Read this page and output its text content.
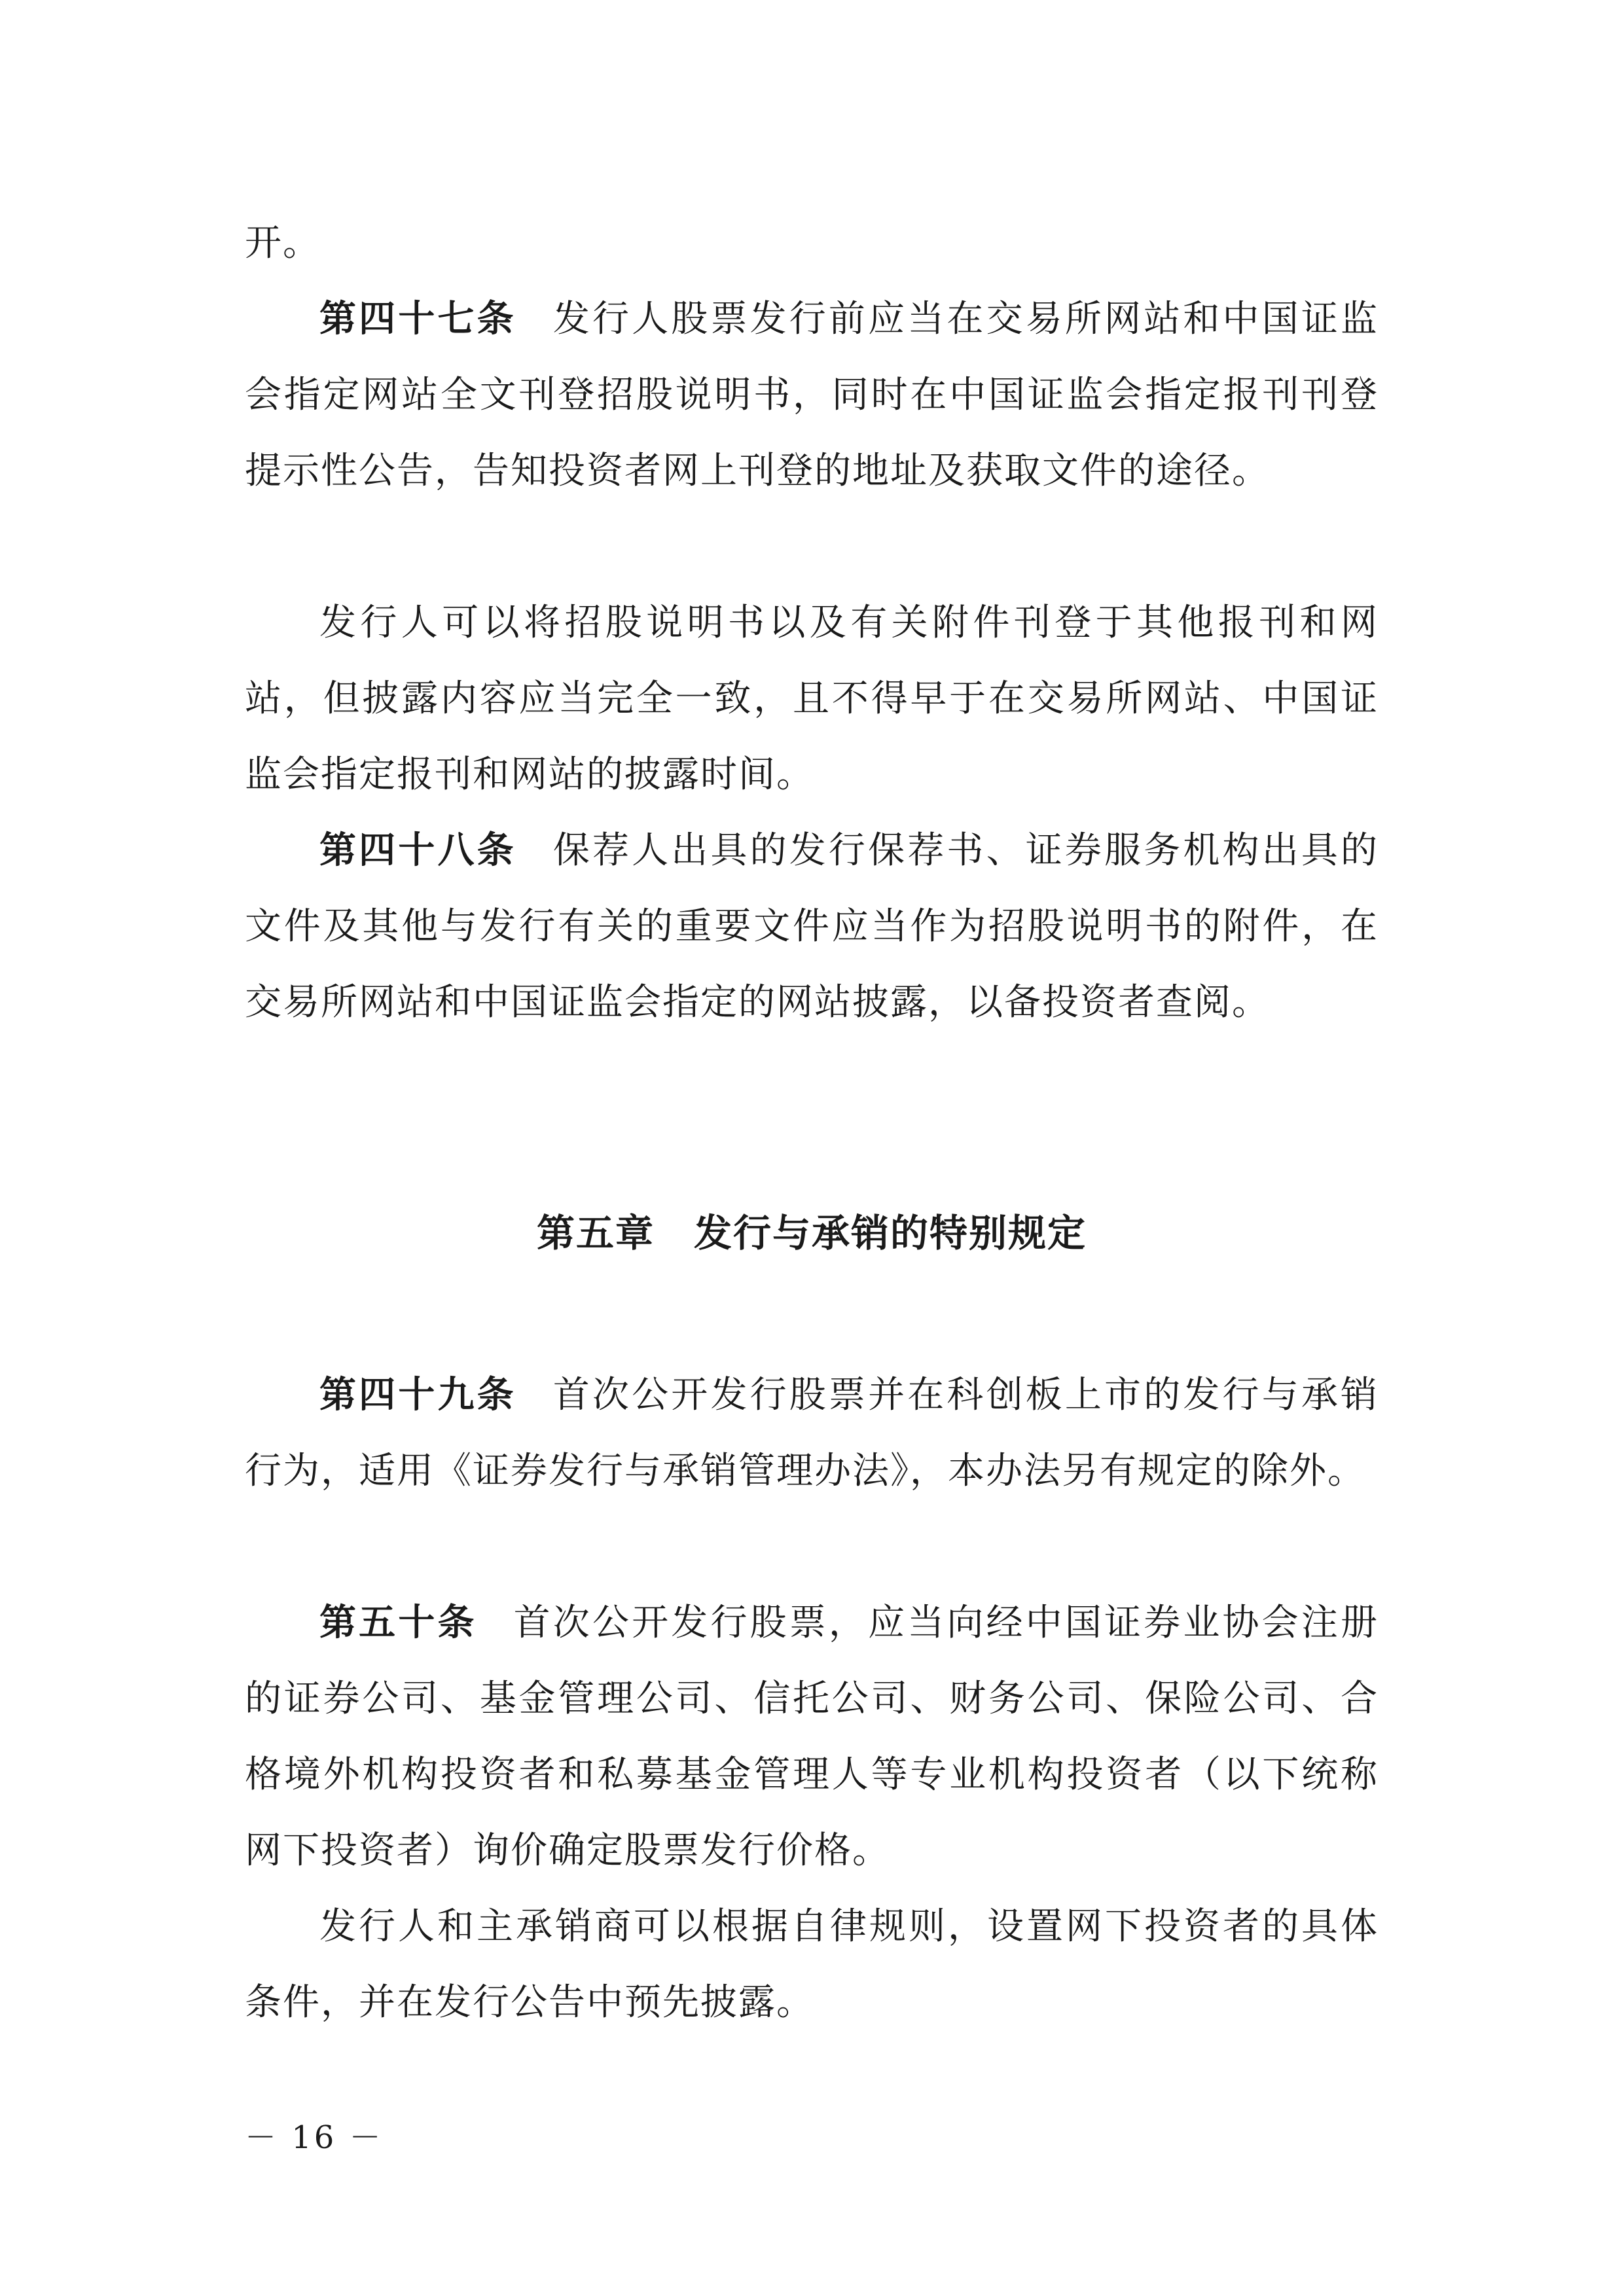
开。
第四十七条 发行人股票发行前应当在交易所网站和中国证监会指定网站全文刊登招股说明书，同时在中国证监会指定报刊刊登提示性公告，告知投资者网上刊登的地址及获取文件的途径。
发行人可以将招股说明书以及有关附件刊登于其他报刊和网站，但披露内容应当完全一致，且不得早于在交易所网站、中国证监会指定报刊和网站的披露时间。
第四十八条 保荐人出具的发行保荐书、证券服务机构出具的文件及其他与发行有关的重要文件应当作为招股说明书的附件，在交易所网站和中国证监会指定的网站披露，以备投资者查阅。
第五章 发行与承销的特别规定
第四十九条 首次公开发行股票并在科创板上市的发行与承销行为，适用《证券发行与承销管理办法》，本办法另有规定的除外。
第五十条 首次公开发行股票，应当向经中国证券业协会注册的证券公司、基金管理公司、信托公司、财务公司、保险公司、合格境外机构投资者和私募基金管理人等专业机构投资者（以下统称网下投资者）询价确定股票发行价格。
发行人和主承销商可以根据自律规则，设置网下投资者的具体条件，并在发行公告中预先披露。
－ 16 －
